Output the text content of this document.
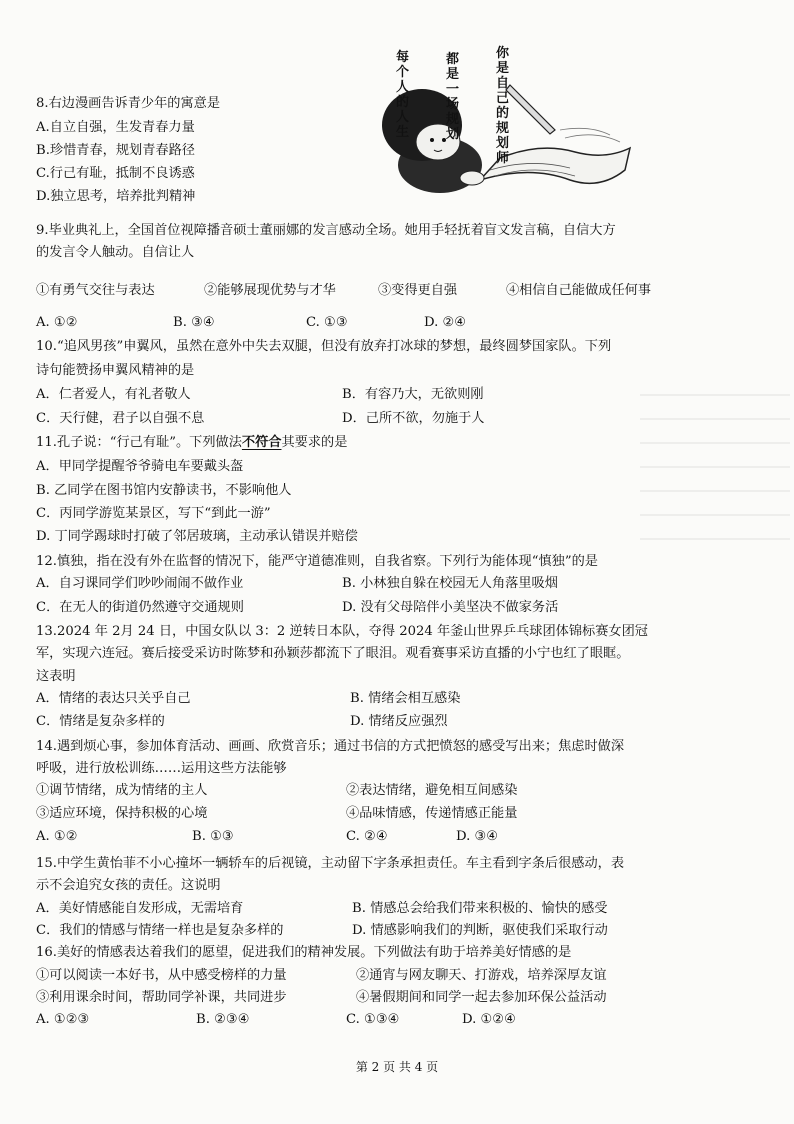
每个人的人生
都是一场规划
你是自己的规划师
8.右边漫画告诉青少年的寓意是
A.自立自强，生发青春力量
B.珍惜青春，规划青春路径
C.行己有耻，抵制不良诱惑
D.独立思考，培养批判精神
9.毕业典礼上，全国首位视障播音硕士董丽娜的发言感动全场。她用手轻抚着盲文发言稿，自信大方
的发言令人触动。自信让人
①有勇气交往与表达	②能够展现优势与才华	③变得更自强	④相信自己能做成任何事
A. ①②	B. ③④	C. ①③	D. ②④
10.“追风男孩”申翼风，虽然在意外中失去双腿，但没有放弃打冰球的梦想，最终圆梦国家队。下列
诗句能赞扬申翼风精神的是
A．仁者爱人，有礼者敬人	B．有容乃大，无欲则刚
C．天行健，君子以自强不息	D．己所不欲，勿施于人
11.孔子说：“行己有耻”。下列做法不符合其要求的是
A．甲同学提醒爷爷骑电车要戴头盔
B. 乙同学在图书馆内安静读书，不影响他人
C．丙同学游览某景区，写下“到此一游”
D. 丁同学踢球时打破了邻居玻璃，主动承认错误并赔偿
12.慎独，指在没有外在监督的情况下，能严守道德准则，自我省察。下列行为能体现“慎独”的是
A．自习课同学们吵吵闹闹不做作业	B. 小林独自躲在校园无人角落里吸烟
C．在无人的街道仍然遵守交通规则	D. 没有父母陪伴小美坚决不做家务活
13.2024 年 2月 24 日，中国女队以 3：2 逆转日本队，夺得 2024 年釜山世界乒乓球团体锦标赛女团冠
军，实现六连冠。赛后接受采访时陈梦和孙颖莎都流下了眼泪。观看赛事采访直播的小宁也红了眼眶。
这表明
A．情绪的表达只关乎自己	B. 情绪会相互感染
C．情绪是复杂多样的	D. 情绪反应强烈
14.遇到烦心事，参加体育活动、画画、欣赏音乐；通过书信的方式把愤怒的感受写出来；焦虑时做深
呼吸，进行放松训练……运用这些方法能够
①调节情绪，成为情绪的主人	②表达情绪，避免相互间感染
③适应环境，保持积极的心境	④品味情感，传递情感正能量
A. ①②	B. ①③	C. ②④	D. ③④
15.中学生黄怡菲不小心撞坏一辆轿车的后视镜，主动留下字条承担责任。车主看到字条后很感动，表
示不会追究女孩的责任。这说明
A．美好情感能自发形成，无需培育	B. 情感总会给我们带来积极的、愉快的感受
C．我们的情感与情绪一样也是复杂多样的	D. 情感影响我们的判断，驱使我们采取行动
16.美好的情感表达着我们的愿望，促进我们的精神发展。下列做法有助于培养美好情感的是
①可以阅读一本好书，从中感受榜样的力量	②通宵与网友聊天、打游戏，培养深厚友谊
③利用课余时间，帮助同学补课，共同进步	④暑假期间和同学一起去参加环保公益活动
A. ①②③	B. ②③④	C. ①③④	D. ①②④
第 2 页 共 4 页
